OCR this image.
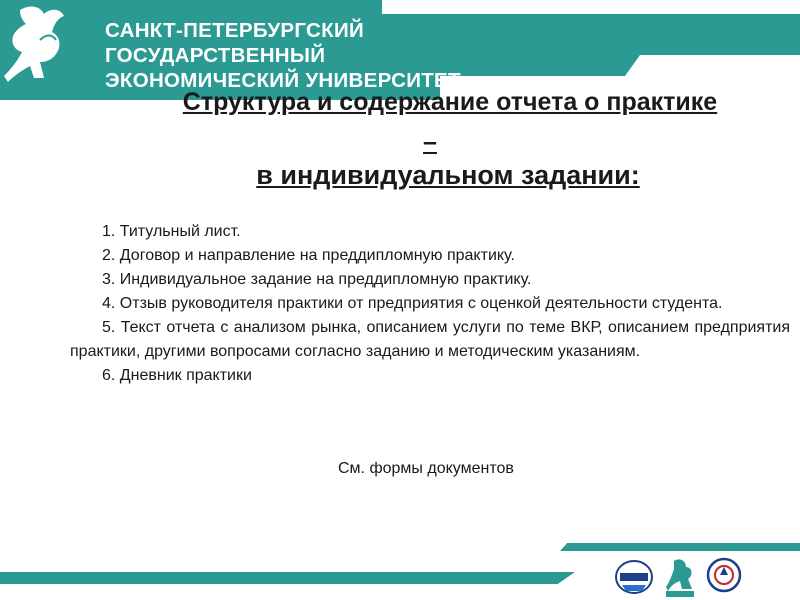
САНКТ-ПЕТЕРБУРГСКИЙ
ГОСУДАРСТВЕННЫЙ
ЭКОНОМИЧЕСКИЙ УНИВЕРСИТЕТ
Структура и содержание отчета о практике
–
в индивидуальном задании:

1. Титульный лист.

2. Договор и направление на преддипломную практику.

3. Индивидуальное задание на преддипломную практику.

4. Отзыв руководителя практики от предприятия с оценкой деятельности студента.

5. Текст отчета с анализом рынка, описанием услуги по теме ВКР, описанием предприятия практики, другими вопросами согласно заданию и методическим указаниям.

6. Дневник практики

См. формы документов
